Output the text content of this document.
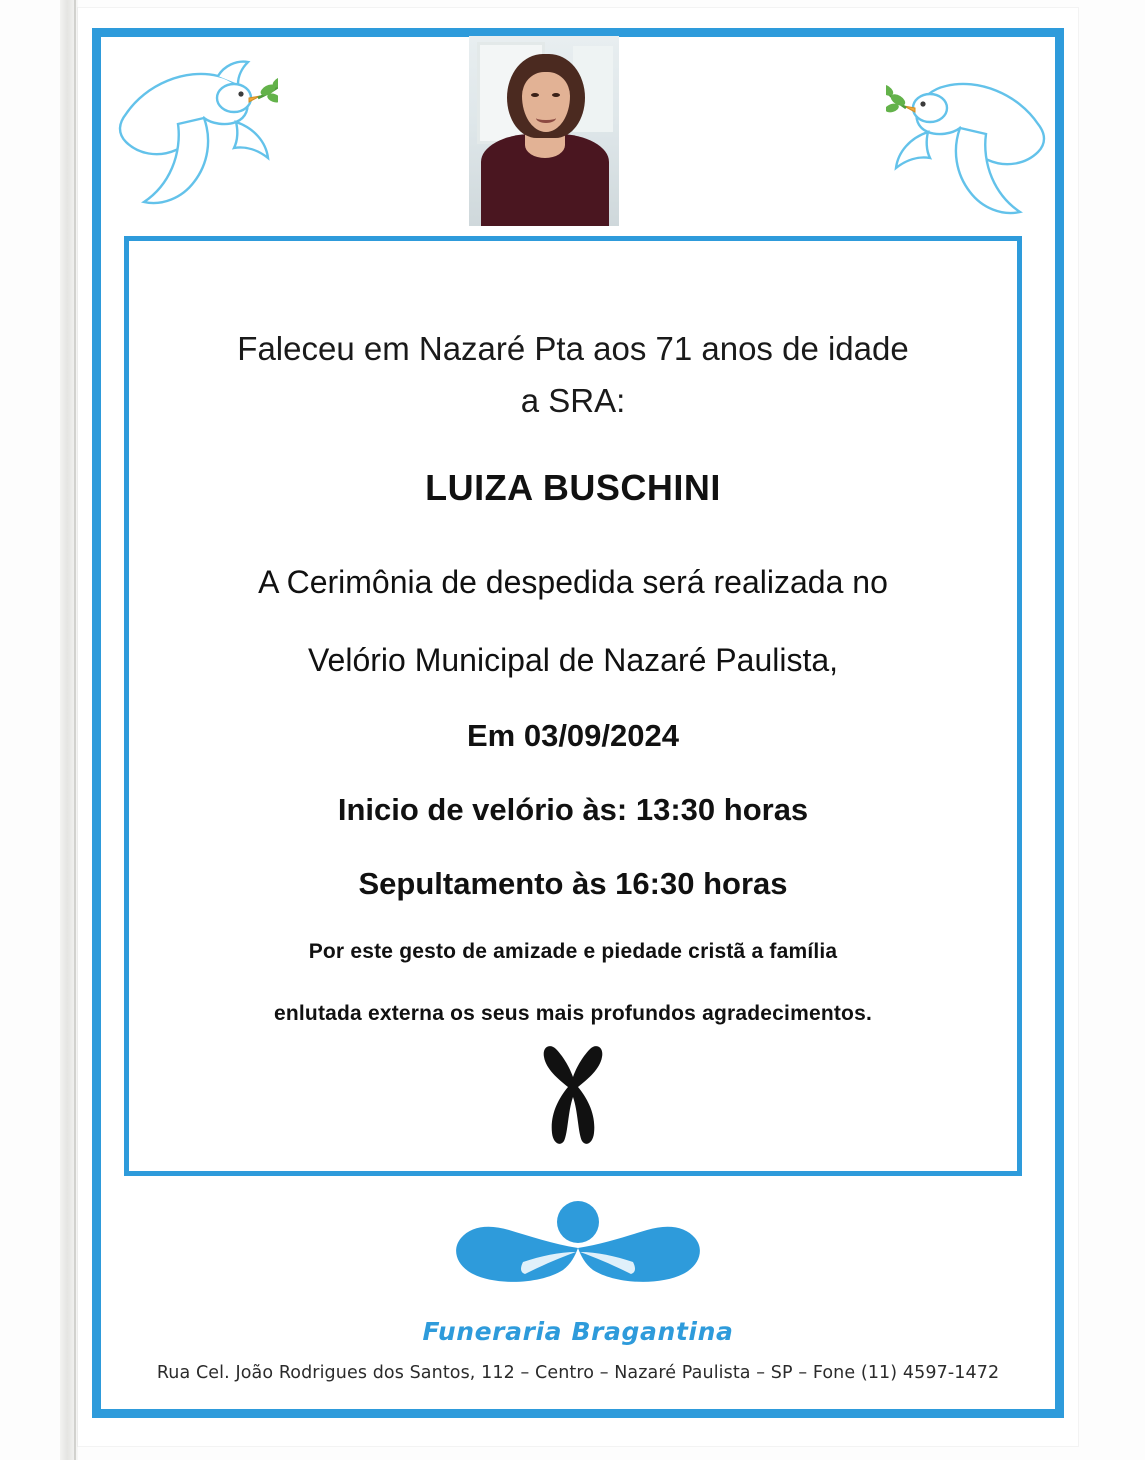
Faleceu em Nazaré Pta aos 71 anos de idade
a SRA:
LUIZA BUSCHINI
A Cerimônia de despedida será realizada no
Velório Municipal de Nazaré Paulista,
Em 03/09/2024
Inicio de velório às: 13:30 horas
Sepultamento às 16:30 horas
Por este gesto de amizade e piedade cristã a família
enlutada externa os seus mais profundos agradecimentos.
Funeraria Bragantina
Rua Cel. João Rodrigues dos Santos, 112 – Centro – Nazaré Paulista – SP – Fone (11) 4597-1472
